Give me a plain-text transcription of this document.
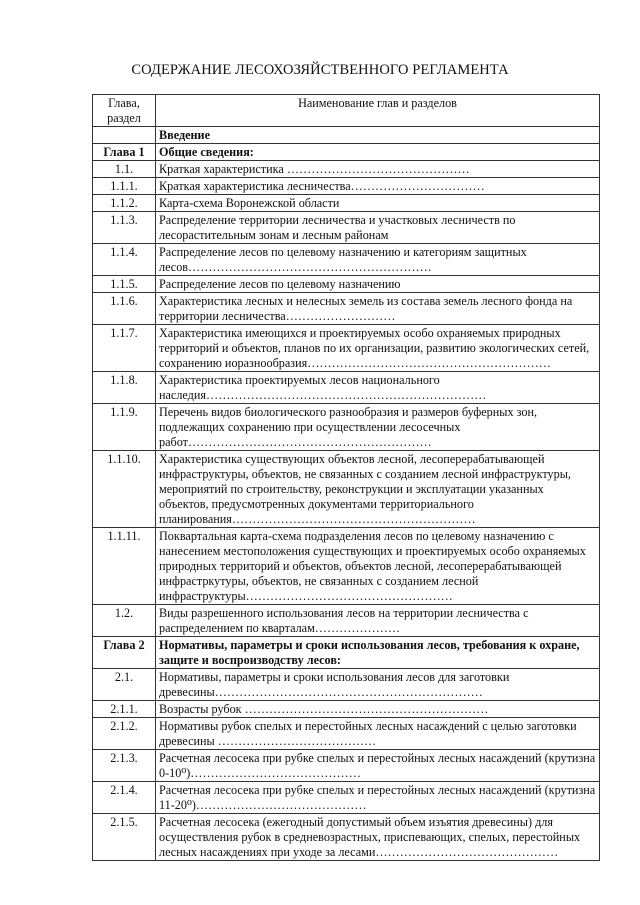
СОДЕРЖАНИЕ ЛЕСОХОЗЯЙСТВЕННОГО РЕГЛАМЕНТА
Глава, раздел	Наименование глав и разделов
	Введение
Глава 1	Общие сведения:
1.1.	Краткая характеристика ………………………………………
1.1.1.	Краткая характеристика лесничества……………………………
1.1.2.	Карта-схема Воронежской области
1.1.3.	Распределение территории лесничества и участковых лесничеств по лесорастительным зонам и лесным районам
1.1.4.	Распределение лесов по целевому назначению и категориям защитных лесов……………………………………………………
1.1.5.	Распределение лесов по целевому назначению
1.1.6.	Характеристика лесных и нелесных земель из состава земель лесного фонда на территории лесничества………………………
1.1.7.	Характеристика имеющихся и проектируемых особо охраняемых природных территорий и объектов, планов по их организации, развитию экологических сетей, сохранению иоразнообразия……………………………………………………
1.1.8.	Характеристика проектируемых лесов национального наследия……………………………………………………………
1.1.9.	Перечень видов биологического разнообразия и размеров буферных зон, подлежащих сохранению при осуществлении лесосечных работ……………………………………………………
1.1.10.	Характеристика существующих объектов лесной, лесоперерабатывающей инфраструктуры, объектов, не связанных с созданием лесной инфраструктуры, мероприятий по строительству, реконструкции и эксплуатации указанных объектов, предусмотренных документами территориального планирования……………………………………………………
1.1.11.	Поквартальная карта-схема подразделения лесов по целевому назначению с нанесением местоположения существующих и проектируемых особо охраняемых природных территорий и объектов, объектов лесной, лесоперерабатывающей инфрастркутуры, объектов, не связанных с созданием лесной инфраструктуры……………………………………………
1.2.	Виды разрешенного использования лесов на территории лесничества с распределением по кварталам…………………
Глава 2	Нормативы, параметры и сроки использования лесов, требования к охране, защите и воспроизводству лесов:
2.1.	Нормативы, параметры и сроки использования лесов для заготовки древесины…………………………………………………………
2.1.1.	Возрасты рубок ……………………………………………………
2.1.2.	Нормативы рубок спелых и перестойных лесных насаждений с целью заготовки древесины …………………………………
2.1.3.	Расчетная лесосека при рубке спелых и перестойных лесных насаждений (крутизна 0-10⁰)……………………………………
2.1.4.	Расчетная лесосека при рубке спелых и перестойных лесных насаждений (крутизна 11-20⁰)……………………………………
2.1.5.	Расчетная лесосека (ежегодный допустимый объем изъятия древесины) для осуществления рубок в средневозрастных, приспевающих, спелых, перестойных лесных насаждениях при уходе за лесами………………………………………
